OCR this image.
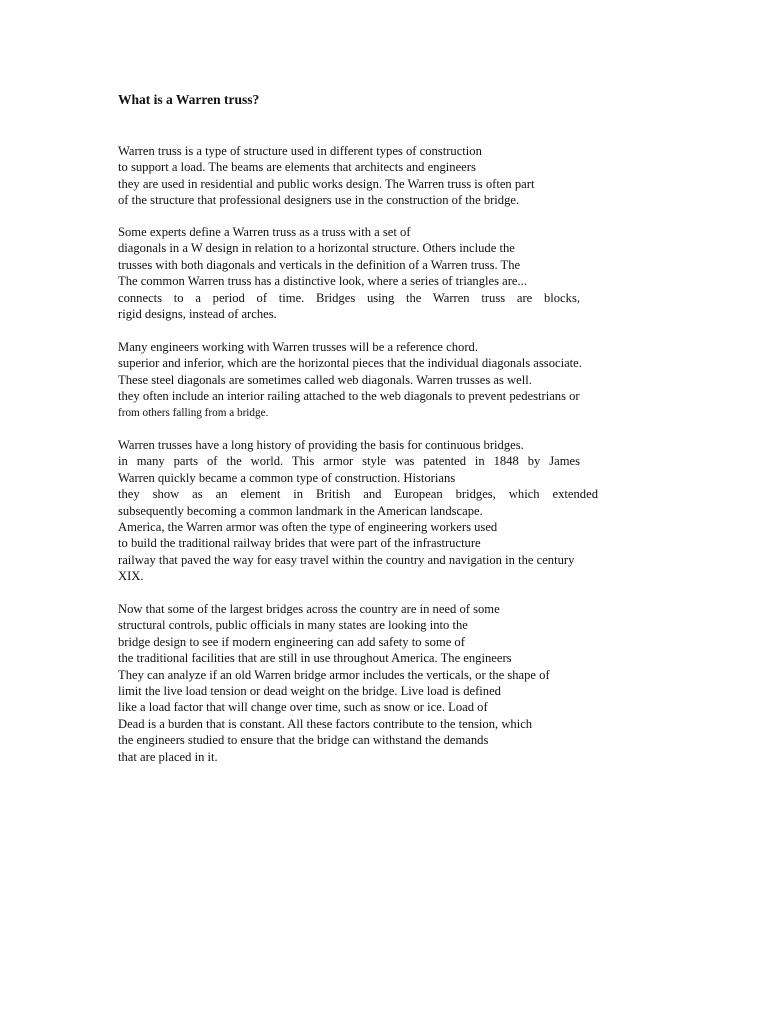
What is a Warren truss?

Warren truss is a type of structure used in different types of construction
to support a load. The beams are elements that architects and engineers
they are used in residential and public works design. The Warren truss is often part
of the structure that professional designers use in the construction of the bridge.

Some experts define a Warren truss as a truss with a set of
diagonals in a W design in relation to a horizontal structure. Others include the
trusses with both diagonals and verticals in the definition of a Warren truss. The
The common Warren truss has a distinctive look, where a series of triangles are...
connects to a period of time. Bridges using the Warren truss are blocks,
rigid designs, instead of arches.

Many engineers working with Warren trusses will be a reference chord.
superior and inferior, which are the horizontal pieces that the individual diagonals associate.
These steel diagonals are sometimes called web diagonals. Warren trusses as well.
they often include an interior railing attached to the web diagonals to prevent pedestrians or
from others falling from a bridge.

Warren trusses have a long history of providing the basis for continuous bridges.
in many parts of the world. This armor style was patented in 1848 by James
Warren quickly became a common type of construction. Historians
they show as an element in British and European bridges, which extended
subsequently becoming a common landmark in the American landscape.
America, the Warren armor was often the type of engineering workers used
to build the traditional railway brides that were part of the infrastructure
railway that paved the way for easy travel within the country and navigation in the century
XIX.

Now that some of the largest bridges across the country are in need of some
structural controls, public officials in many states are looking into the
bridge design to see if modern engineering can add safety to some of
the traditional facilities that are still in use throughout America. The engineers
They can analyze if an old Warren bridge armor includes the verticals, or the shape of
limit the live load tension or dead weight on the bridge. Live load is defined
like a load factor that will change over time, such as snow or ice. Load of
Dead is a burden that is constant. All these factors contribute to the tension, which
the engineers studied to ensure that the bridge can withstand the demands
that are placed in it.
